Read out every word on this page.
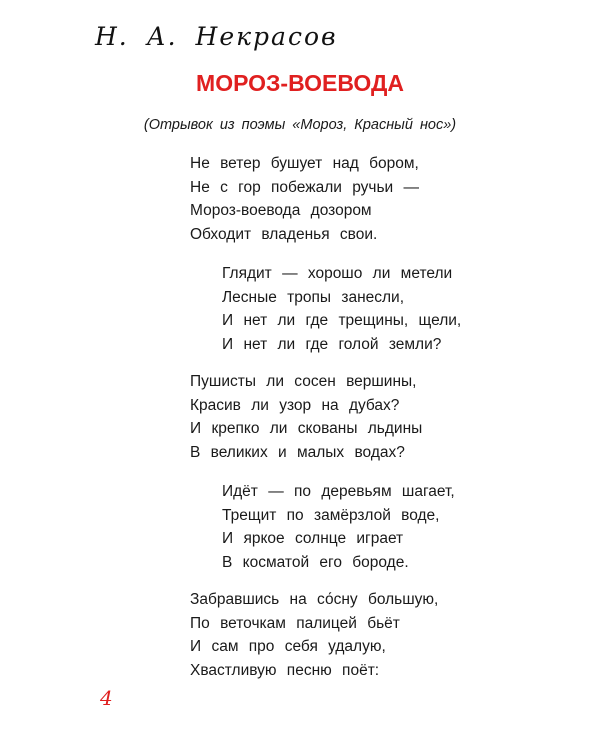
Н. А. Некрасов
МОРОЗ-ВОЕВОДА
(Отрывок из поэмы «Мороз, Красный нос»)
Не ветер бушует над бором,
Не с гор побежали ручьи —
Мороз-воевода дозором
Обходит владенья свои.
Глядит — хорошо ли метели
Лесные тропы занесли,
И нет ли где трещины, щели,
И нет ли где голой земли?
Пушисты ли сосен вершины,
Красив ли узор на дубах?
И крепко ли скованы льдины
В великих и малых водах?
Идёт — по деревьям шагает,
Трещит по замёрзлой воде,
И яркое солнце играет
В косматой его бороде.
Забравшись на со́сну большую,
По веточкам палицей бьёт
И сам про себя удалую,
Хвастливую песню поёт:
4
